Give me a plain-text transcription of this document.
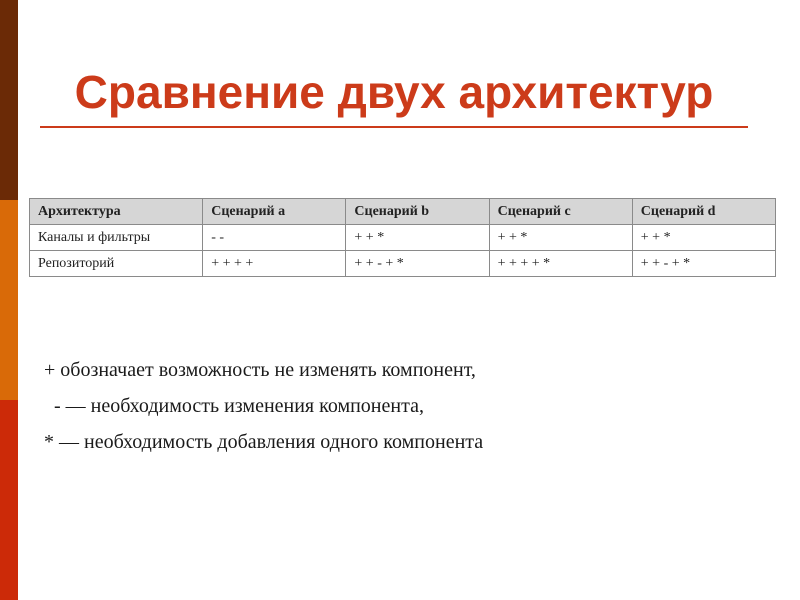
Сравнение двух архитектур
Архитектура	Сценарий a	Сценарий b	Сценарий c	Сценарий d
Каналы и фильтры	- -	+ + *	+ + *	+ + *
Репозиторий	+ + + +	+ + - + *	+ + + + *	+ + - + *
+ обозначает возможность не изменять компонент,
- — необходимость изменения компонента,
* — необходимость добавления одного компонента
